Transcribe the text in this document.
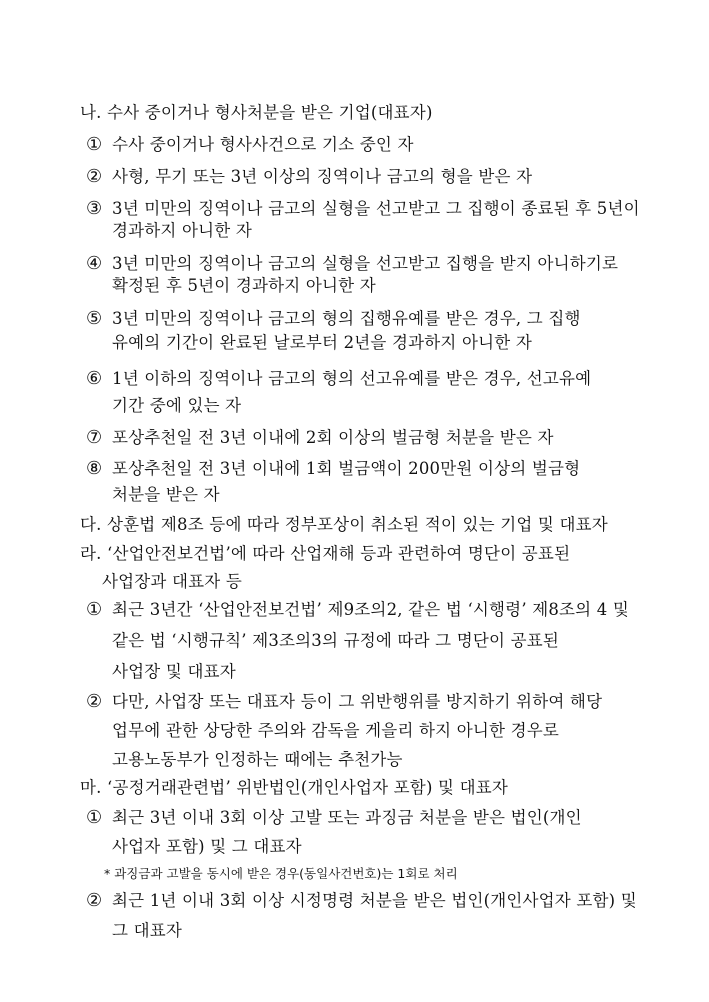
나. 수사 중이거나 형사처분을 받은 기업(대표자)
① 수사 중이거나 형사사건으로 기소 중인 자
② 사형, 무기 또는 3년 이상의 징역이나 금고의 형을 받은 자
③ 3년 미만의 징역이나 금고의 실형을 선고받고 그 집행이 종료된 후 5년이
경과하지 아니한 자
④ 3년 미만의 징역이나 금고의 실형을 선고받고 집행을 받지 아니하기로
확정된 후 5년이 경과하지 아니한 자
⑤ 3년 미만의 징역이나 금고의 형의 집행유예를 받은 경우, 그 집행
유예의 기간이 완료된 날로부터 2년을 경과하지 아니한 자
⑥ 1년 이하의 징역이나 금고의 형의 선고유예를 받은 경우, 선고유예
기간 중에 있는 자
⑦ 포상추천일 전 3년 이내에 2회 이상의 벌금형 처분을 받은 자
⑧ 포상추천일 전 3년 이내에 1회 벌금액이 200만원 이상의 벌금형
처분을 받은 자
다. 상훈법 제8조 등에 따라 정부포상이 취소된 적이 있는 기업 및 대표자
라. ‘산업안전보건법’에 따라 산업재해 등과 관련하여 명단이 공표된
사업장과 대표자 등
① 최근 3년간 ‘산업안전보건법’ 제9조의2, 같은 법 ‘시행령’ 제8조의 4 및
같은 법 ‘시행규칙’ 제3조의3의 규정에 따라 그 명단이 공표된
사업장 및 대표자
② 다만, 사업장 또는 대표자 등이 그 위반행위를 방지하기 위하여 해당
업무에 관한 상당한 주의와 감독을 게을리 하지 아니한 경우로
고용노동부가 인정하는 때에는 추천가능
마. ‘공정거래관련법’ 위반법인(개인사업자 포함) 및 대표자
① 최근 3년 이내 3회 이상 고발 또는 과징금 처분을 받은 법인(개인
사업자 포함) 및 그 대표자
* 과징금과 고발을 동시에 받은 경우(동일사건번호)는 1회로 처리
② 최근 1년 이내 3회 이상 시정명령 처분을 받은 법인(개인사업자 포함) 및
그 대표자
